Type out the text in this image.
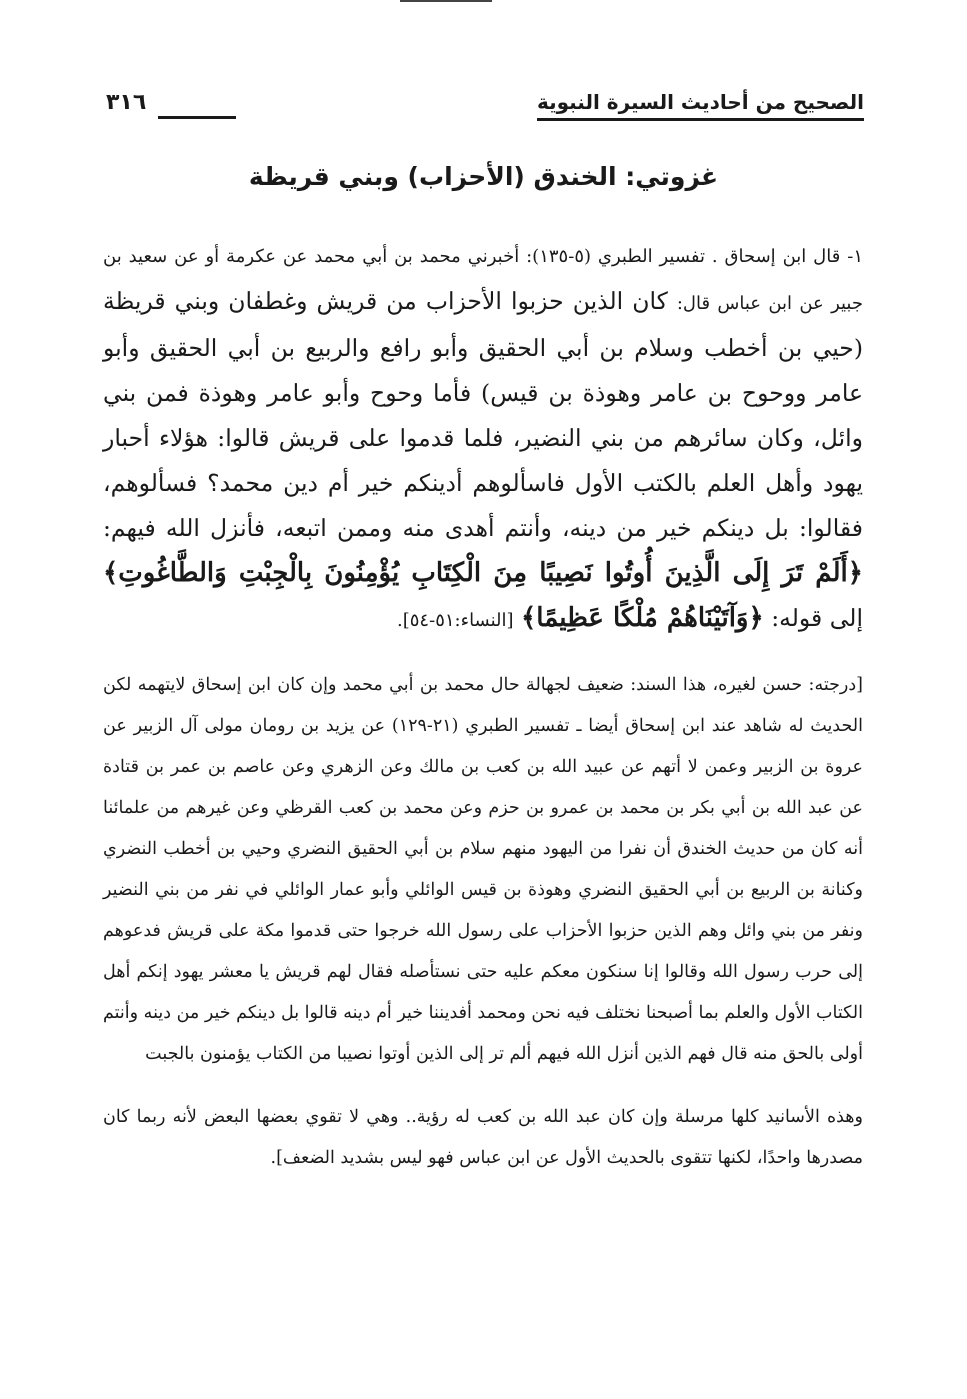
الصحيح من أحاديث السيرة النبوية
٣١٦
غزوتي: الخندق (الأحزاب) وبني قريظة

١- قال ابن إسحاق . تفسير الطبري (٥-١٣٥): أخبرني محمد بن أبي محمد عن عكرمة أو عن سعيد بن جبير عن ابن عباس قال: كان الذين حزبوا الأحزاب من قريش وغطفان وبني قريظة (حيي بن أخطب وسلام بن أبي الحقيق وأبو رافع والربيع بن أبي الحقيق وأبو عامر ووحوح بن عامر وهوذة بن قيس) فأما وحوح وأبو عامر وهوذة فمن بني وائل، وكان سائرهم من بني النضير، فلما قدموا على قريش قالوا: هؤلاء أحبار يهود وأهل العلم بالكتب الأول فاسألوهم أدينكم خير أم دين محمد؟ فسألوهم، فقالوا: بل دينكم خير من دينه، وأنتم أهدى منه وممن اتبعه، فأنزل الله فيهم: ﴿أَلَمْ تَرَ إِلَى الَّذِينَ أُوتُوا نَصِيبًا مِنَ الْكِتَابِ يُؤْمِنُونَ بِالْجِبْتِ وَالطَّاغُوتِ﴾ إلى قوله: ﴿وَآتَيْنَاهُمْ مُلْكًا عَظِيمًا﴾ [النساء:٥١-٥٤].

[درجته: حسن لغيره، هذا السند: ضعيف لجهالة حال محمد بن أبي محمد وإن كان ابن إسحاق لايتهمه لكن الحديث له شاهد عند ابن إسحاق أيضا ـ تفسير الطبري (٢١-١٢٩) عن يزيد بن رومان مولى آل الزبير عن عروة بن الزبير وعمن لا أتهم عن عبيد الله بن كعب بن مالك وعن الزهري وعن عاصم بن عمر بن قتادة عن عبد الله بن أبي بكر بن محمد بن عمرو بن حزم وعن محمد بن كعب القرظي وعن غيرهم من علمائنا أنه كان من حديث الخندق أن نفرا من اليهود منهم سلام بن أبي الحقيق النضري وحيي بن أخطب النضري وكنانة بن الربيع بن أبي الحقيق النضري وهوذة بن قيس الوائلي وأبو عمار الوائلي في نفر من بني النضير ونفر من بني وائل وهم الذين حزبوا الأحزاب على رسول الله خرجوا حتى قدموا مكة على قريش فدعوهم إلى حرب رسول الله وقالوا إنا سنكون معكم عليه حتى نستأصله فقال لهم قريش يا معشر يهود إنكم أهل الكتاب الأول والعلم بما أصبحنا نختلف فيه نحن ومحمد أفديننا خير أم دينه قالوا بل دينكم خير من دينه وأنتم أولى بالحق منه قال فهم الذين أنزل الله فيهم ألم تر إلى الذين أوتوا نصيبا من الكتاب يؤمنون بالجبت

وهذه الأسانيد كلها مرسلة وإن كان عبد الله بن كعب له رؤية.. وهي لا تقوي بعضها البعض لأنه ربما كان مصدرها واحدًا، لكنها تتقوى بالحديث الأول عن ابن عباس فهو ليس بشديد الضعف].
